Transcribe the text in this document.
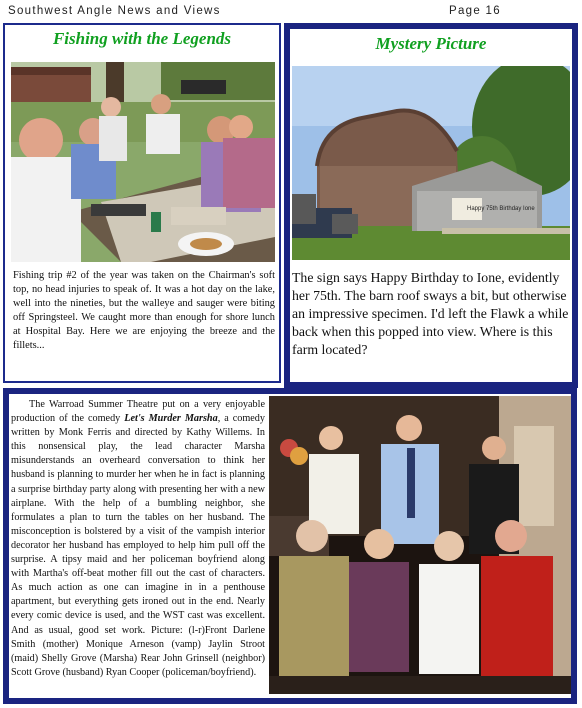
Southwest Angle News and Views	Page 16
Fishing with the Legends
Fishing trip #2 of the year was taken on the Chairman's soft top, no head injuries to speak of. It was a hot day on the lake, well into the nineties, but the walleye and sauger were biting off Springsteel. We caught more than enough for shore lunch at Hospital Bay. Here we are enjoying the breeze and the fillets...
Mystery Picture
Happy 75th Birthday Ione
The sign says Happy Birthday to Ione, evidently her 75th. The barn roof sways a bit, but otherwise an impressive specimen. I'd left the Flawk a while back when this popped into view. Where is this farm located?
The Warroad Summer Theatre put on a very enjoyable production of the comedy Let's Murder Marsha, a comedy written by Monk Ferris and directed by Kathy Willems. In this nonsensical play, the lead character Marsha misunderstands an overheard conversation to think her husband is planning to murder her when he in fact is planning a surprise birthday party along with presenting her with a new airplane. With the help of a bumbling neighbor, she formulates a plan to turn the tables on her husband. The misconception is bolstered by a visit of the vampish interior decorator her husband has employed to help him pull off the surprise. A tipsy maid and her policeman boyfriend along with Martha's off-beat mother fill out the cast of characters. As much action as one can imagine in in a penthouse apartment, but everything gets ironed out in the end. Nearly every comic device is used, and the WST cast was excellent. And as usual, good set work. Picture: (l-r)Front Darlene Smith (mother) Monique Arneson (vamp) Jaylin Stroot (maid) Shelly Grove (Marsha) Rear John Grinsell (neighbor) Scott Grove (husband) Ryan Cooper (policeman/boyfriend).
